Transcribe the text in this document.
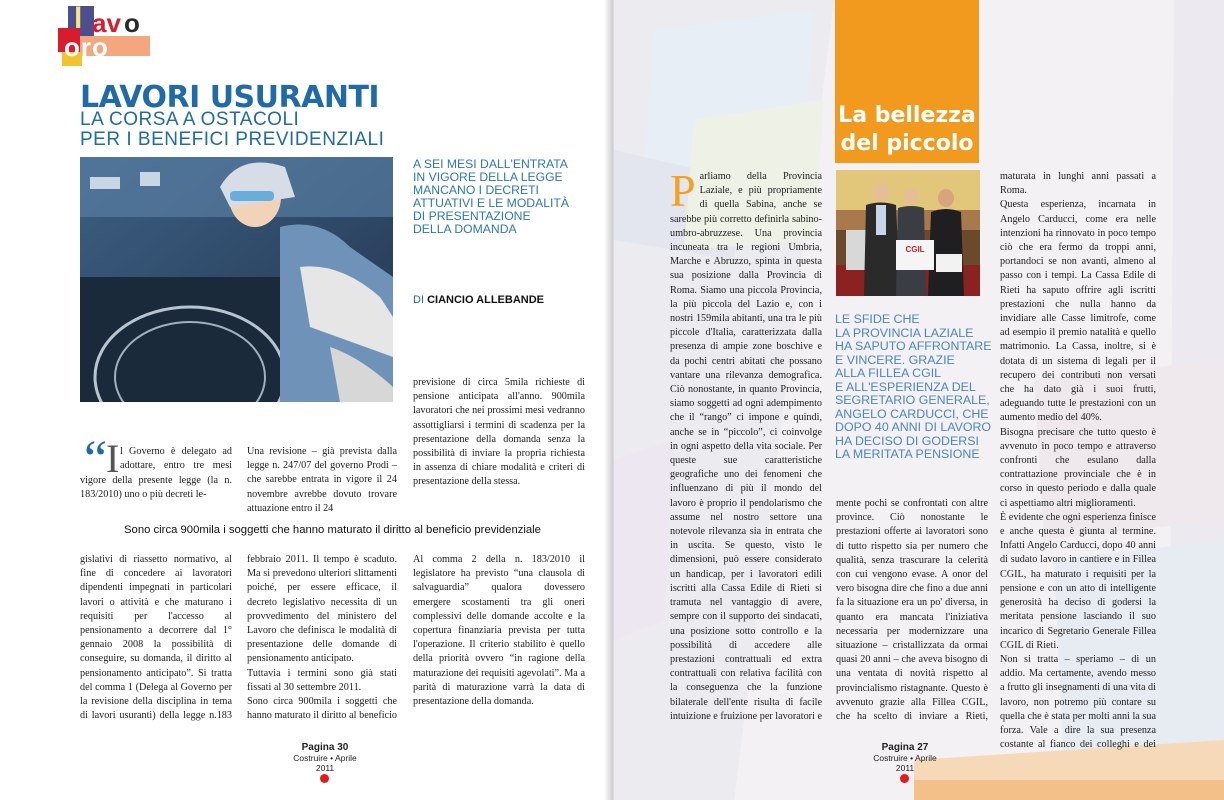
l av o
oro
LAVORI USURANTI
LA CORSA A OSTACOLI
PER I BENEFICI PREVIDENZIALI
A SEI MESI DALL'ENTRATA
IN VIGORE DELLA LEGGE
MANCANO I DECRETI
ATTUATIVI E LE MODALITÀ
DI PRESENTAZIONE
DELLA DOMANDA
DI CIANCIO ALLEBANDE
previsione di circa 5mila richieste di pensione anticipata all'anno. 900mila lavoratori che nei prossimi mesi vedranno assottigliarsi i termini di scadenza per la presentazione della domanda senza la possibilità di inviare la propria richiesta in assenza di chiare modalità e criteri di presentazione della stessa.
“
I l Governo è delegato ad adottare, entro tre mesi

vigore della presente legge (la n. 183/2010) uno o più decreti le-

Una revisione – già prevista dalla legge n. 247/07 del governo Prodi – che sarebbe entrata in vigore il 24 novembre avrebbe dovuto trovare attuazione entro il 24
Sono circa 900mila i soggetti che hanno maturato il diritto al beneficio previdenziale
gislativi di riassetto normativo, al fine di concedere ai lavoratori dipendenti impegnati in particolari lavori o attività e che maturano i requisiti per l'accesso al pensionamento a decorrere dal 1° gennaio 2008 la possibilità di conseguire, su domanda, il diritto al pensionamento anticipato”. Si tratta del comma 1 (Delega al Governo per la revisione della disciplina in tema di lavori usuranti) della legge n.183

febbraio 2011. Il tempo è scaduto. Ma si prevedono ulteriori slittamenti poiché, per essere efficace, il decreto legislativo necessita di un provvedimento del ministero del Lavoro che definisca le modalità di presentazione delle domande di pensionamento anticipato.

Tuttavia i termini sono già stati fissati al 30 settembre 2011.

Sono circa 900mila i soggetti che hanno maturato il diritto al beneficio

Al comma 2 della n. 183/2010 il legislatore ha previsto “una clausola di salvaguardia” qualora dovessero emergere scostamenti tra gli oneri complessivi delle domande accolte e la copertura finanziaria prevista per tutta l'operazione. Il criterio stabilito è quello della priorità ovvero “in ragione della maturazione dei requisiti agevolati”. Ma a parità di maturazione varrà la data di presentazione della domanda.
Pagina 30
Costruire • Aprile 2011
La bellezza
del piccolo
Parliamo della Provincia Laziale, e più propriamente di quella Sabina, anche se sarebbe più corretto definirla sabino-umbro-abruzzese. Una provincia incuneata tra le regioni Umbria, Marche e Abruzzo, spinta in questa sua posizione dalla Provincia di Roma. Siamo una piccola Provincia, la più piccola del Lazio e, con i nostri 159mila abitanti, una tra le più piccole d'Italia, caratterizzata dalla presenza di ampie zone boschive e da pochi centri abitati che possano vantare una rilevanza demografica. Ciò nonostante, in quanto Provincia, siamo soggetti ad ogni adempimento che il “rango” ci impone e quindi, anche se in “piccolo”, ci coinvolge in ogni aspetto della vita sociale. Per queste sue caratteristiche geografiche uno dei fenomeni che influenzano di più il mondo del lavoro è proprio il pendolarismo che assume nel nostro settore una notevole rilevanza sia in entrata che in uscita. Se questo, visto le dimensioni, può essere considerato un handicap, per i lavoratori edili iscritti alla Cassa Edile di Rieti si tramuta nel vantaggio di avere, sempre con il supporto dei sindacati, una posizione sotto controllo e la possibilità di accedere alle prestazioni contrattuali ed extra contrattuali con relativa facilità con la conseguenza che la funzione bilaterale dell'ente risulta di facile intuizione e fruizione per lavoratori e

CGIL
LE SFIDE CHE
LA PROVINCIA LAZIALE
HA SAPUTO AFFRONTARE
E VINCERE. GRAZIE
ALLA FILLEA CGIL
E ALL'ESPERIENZA DEL
SEGRETARIO GENERALE,
ANGELO CARDUCCI, CHE
DOPO 40 ANNI DI LAVORO
HA DECISO DI GODERSI
LA MERITATA PENSIONE
mente pochi se confrontati con altre province. Ciò nonostante le prestazioni offerte ai lavoratori sono di tutto rispetto sia per numero che qualità, senza trascurare la celerità con cui vengono evase. A onor del vero bisogna dire che fino a due anni fa la situazione era un po' diversa, in quanto era mancata l'iniziativa necessaria per modernizzare una situazione – cristallizzata da ormai quasi 20 anni – che aveva bisogno di una ventata di novità rispetto al provincialismo ristagnante. Questo è avvenuto grazie alla Fillea CGIL, che ha scelto di inviare a Rieti,

maturata in lunghi anni passati a Roma.

Questa esperienza, incarnata in Angelo Carducci, come era nelle intenzioni ha rinnovato in poco tempo ciò che era fermo da troppi anni, portandoci se non avanti, almeno al passo con i tempi. La Cassa Edile di Rieti ha saputo offrire agli iscritti prestazioni che nulla hanno da invidiare alle Casse limitrofe, come ad esempio il premio natalità e quello matrimonio. La Cassa, inoltre, si è dotata di un sistema di legali per il recupero dei contributi non versati che ha dato già i suoi frutti, adeguando tutte le prestazioni con un aumento medio del 40%.

Bisogna precisare che tutto questo è avvenuto in poco tempo e attraverso confronti che esulano dalla contrattazione provinciale che è in corso in questo periodo e dalla quale ci aspettiamo altri miglioramenti.

È evidente che ogni esperienza finisce e anche questa è giunta al termine. Infatti Angelo Carducci, dopo 40 anni di sudato lavoro in cantiere e in Fillea CGIL, ha maturato i requisiti per la pensione e con un atto di intelligente generosità ha deciso di godersi la meritata pensione lasciando il suo incarico di Segretario Generale Fillea CGIL di Rieti.

Non si tratta – speriamo – di un addio. Ma certamente, avendo messo a frutto gli insegnamenti di una vita di lavoro, non potremo più contare su quella che è stata per molti anni la sua forza. Vale a dire la sua presenza costante al fianco dei colleghi e dei

Pagina 27
Costruire • Aprile 2011
